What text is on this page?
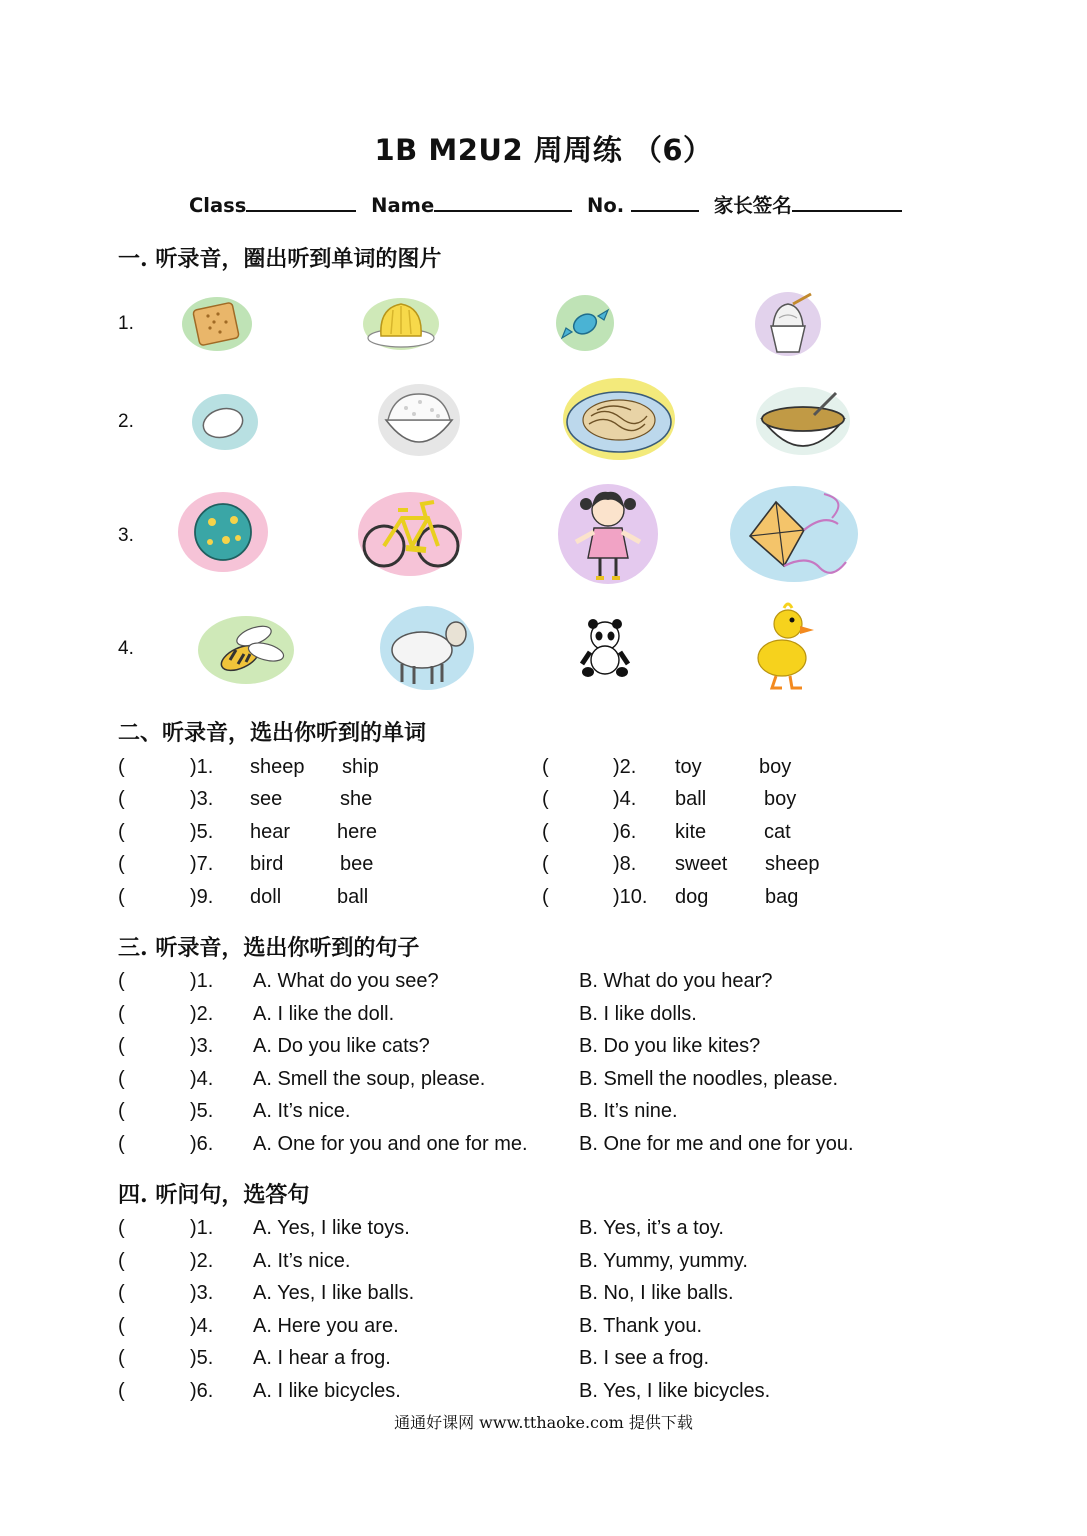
1B M2U2 周周练 （6）
Class	Name	No.	家长签名
一. 听录音，圈出听到单词的图片
1.
2.
3.
4.
二、听录音，选出你听到的单词
(	)1. sheep ship	(	)2. toy	boy
(	)3. see	she	(	)4. ball	boy
(	)5. hear here	(	)6. kite	cat
(	)7. bird	bee	(	)8. sweet sheep
(	)9. doll	ball	(	)10. dog	bag
三. 听录音，选出你听到的句子
(	)1. A. What do you see?	B. What do you hear?
(	)2. A. I like the doll.	B. I like dolls.
(	)3. A. Do you like cats?	B. Do you like kites?
(	)4. A. Smell the soup, please.	B. Smell the noodles, please.
(	)5. A. It’s nice.	B. It’s nine.
(	)6. A. One for you and one for me.	B. One for me and one for you.
四. 听问句，选答句
(	)1. A. Yes, I like toys.	B. Yes, it’s a toy.
(	)2. A. It’s nice.	B. Yummy, yummy.
(	)3. A. Yes, I like balls.	B. No, I like balls.
(	)4. A. Here you are.	B. Thank you.
(	)5. A. I hear a frog.	B. I see a frog.
(	)6. A. I like bicycles.	B. Yes, I like bicycles.
通通好课网 www.tthaoke.com 提供下载
